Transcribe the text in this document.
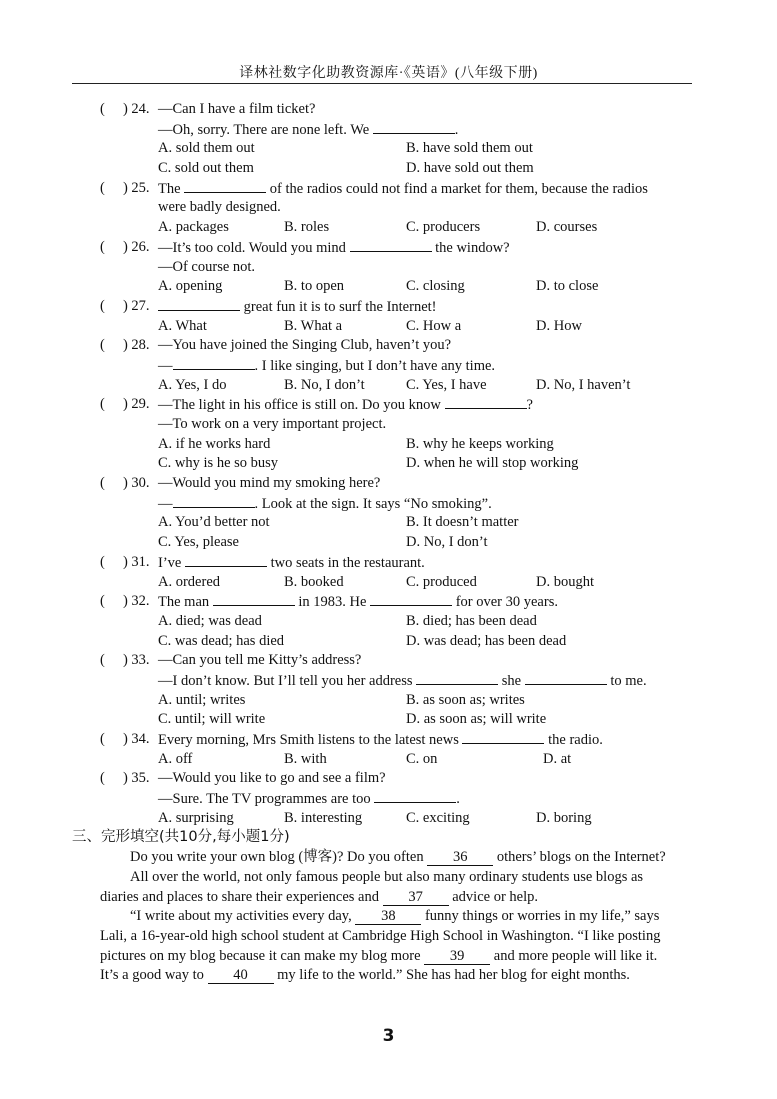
译林社数字化助教资源库·《英语》(八年级下册)
(     ) 24. —Can I have a film ticket?
—Oh, sorry. There are none left. We	.
A. sold them out	B. have sold them out
C. sold out them	D. have sold out them
(     ) 25. The	of the radios could not find a market for them, because the radios
were badly designed.
A. packages	B. roles	C. producers	D. courses
(     ) 26. —It’s too cold. Would you mind	the window?
—Of course not.
A. opening	B. to open	C. closing	D. to close
(     ) 27.	great fun it is to surf the Internet!
A. What	B. What a	C. How a	D. How
(     ) 28. —You have joined the Singing Club, haven’t you?
—	. I like singing, but I don’t have any time.
A. Yes, I do	B. No, I don’t	C. Yes, I have	D. No, I haven’t
(     ) 29. —The light in his office is still on. Do you know	?
—To work on a very important project.
A. if he works hard	B. why he keeps working
C. why is he so busy	D. when he will stop working
(     ) 30. —Would you mind my smoking here?
—	. Look at the sign. It says “No smoking”.
A. You’d better not	B. It doesn’t matter
C. Yes, please	D. No, I don’t
(     ) 31. I’ve	two seats in the restaurant.
A. ordered	B. booked	C. produced	D. bought
(     ) 32. The man	in 1983. He	for over 30 years.
A. died; was dead	B. died; has been dead
C. was dead; has died	D. was dead; has been dead
(     ) 33. —Can you tell me Kitty’s address?
—I don’t know. But I’ll tell you her address	she	to me.
A. until; writes	B. as soon as; writes
C. until; will write	D. as soon as; will write
(     ) 34. Every morning, Mrs Smith listens to the latest news	the radio.
A. off	B. with	C. on	D. at
(     ) 35. —Would you like to go and see a film?
—Sure. The TV programmes are too	.
A. surprising	B. interesting	C. exciting	D. boring
三、完形填空(共10分,每小题1分)
Do you write your own blog (博客)? Do you often 36 others’ blogs on the Internet?
All over the world, not only famous people but also many ordinary students use blogs as
diaries and places to share their experiences and 37 advice or help.
“I write about my activities every day, 38 funny things or worries in my life,” says
Lali, a 16-year-old high school student at Cambridge High School in Washington. “I like posting
pictures on my blog because it can make my blog more 39 and more people will like it.
It’s a good way to 40 my life to the world.” She has had her blog for eight months.
3
